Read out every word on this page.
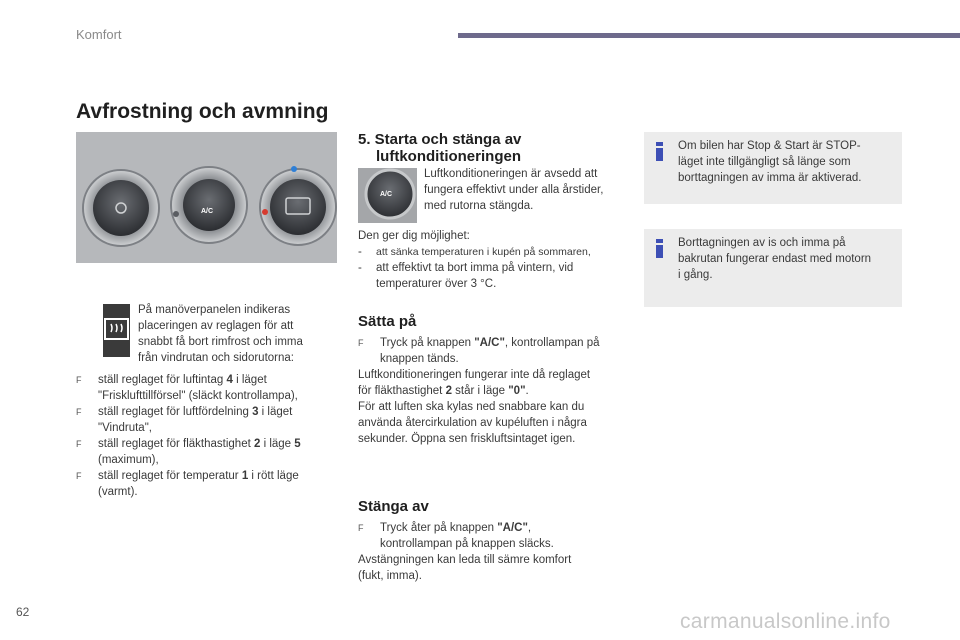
Komfort
Avfrostning och avmning
A/C

På manöverpanelen indikeras

placeringen av reglagen för att

snabbt få bort rimfrost och imma

från vindrutan och sidorutorna:

F	ställ reglaget för luftintag 4 i läget
"Frisklufttillförsel" (släckt kontrollampa),
F	ställ reglaget för luftfördelning 3 i läget
"Vindruta",
F	ställ reglaget för fläkthastighet 2 i läge 5
(maximum),
F	ställ reglaget för temperatur 1 i rött läge
(varmt).
5. Starta och stänga av
luftkonditioneringen
A/C

Luftkonditioneringen är avsedd att

fungera effektivt under alla årstider,

med rutorna stängda.

Den ger dig möjlighet:

-	att sänka temperaturen i kupén på sommaren,
-	att effektivt ta bort imma på vintern, vid
temperaturer över 3 °C.
Sätta på
F	Tryck på knappen "A/C", kontrollampan på
knappen tänds.

Luftkonditioneringen fungerar inte då reglaget

för fläkthastighet 2 står i läge "0".

För att luften ska kylas ned snabbare kan du

använda återcirkulation av kupéluften i några

sekunder. Öppna sen friskluftsintaget igen.

Stänga av
F	Tryck åter på knappen "A/C",
kontrollampan på knappen släcks.

Avstängningen kan leda till sämre komfort

(fukt, imma).

Om bilen har Stop & Start är STOP-
läget inte tillgängligt så länge som
borttagningen av imma är aktiverad.
Borttagningen av is och imma på
bakrutan fungerar endast med motorn
i gång.
62	carmanualsonline.info
